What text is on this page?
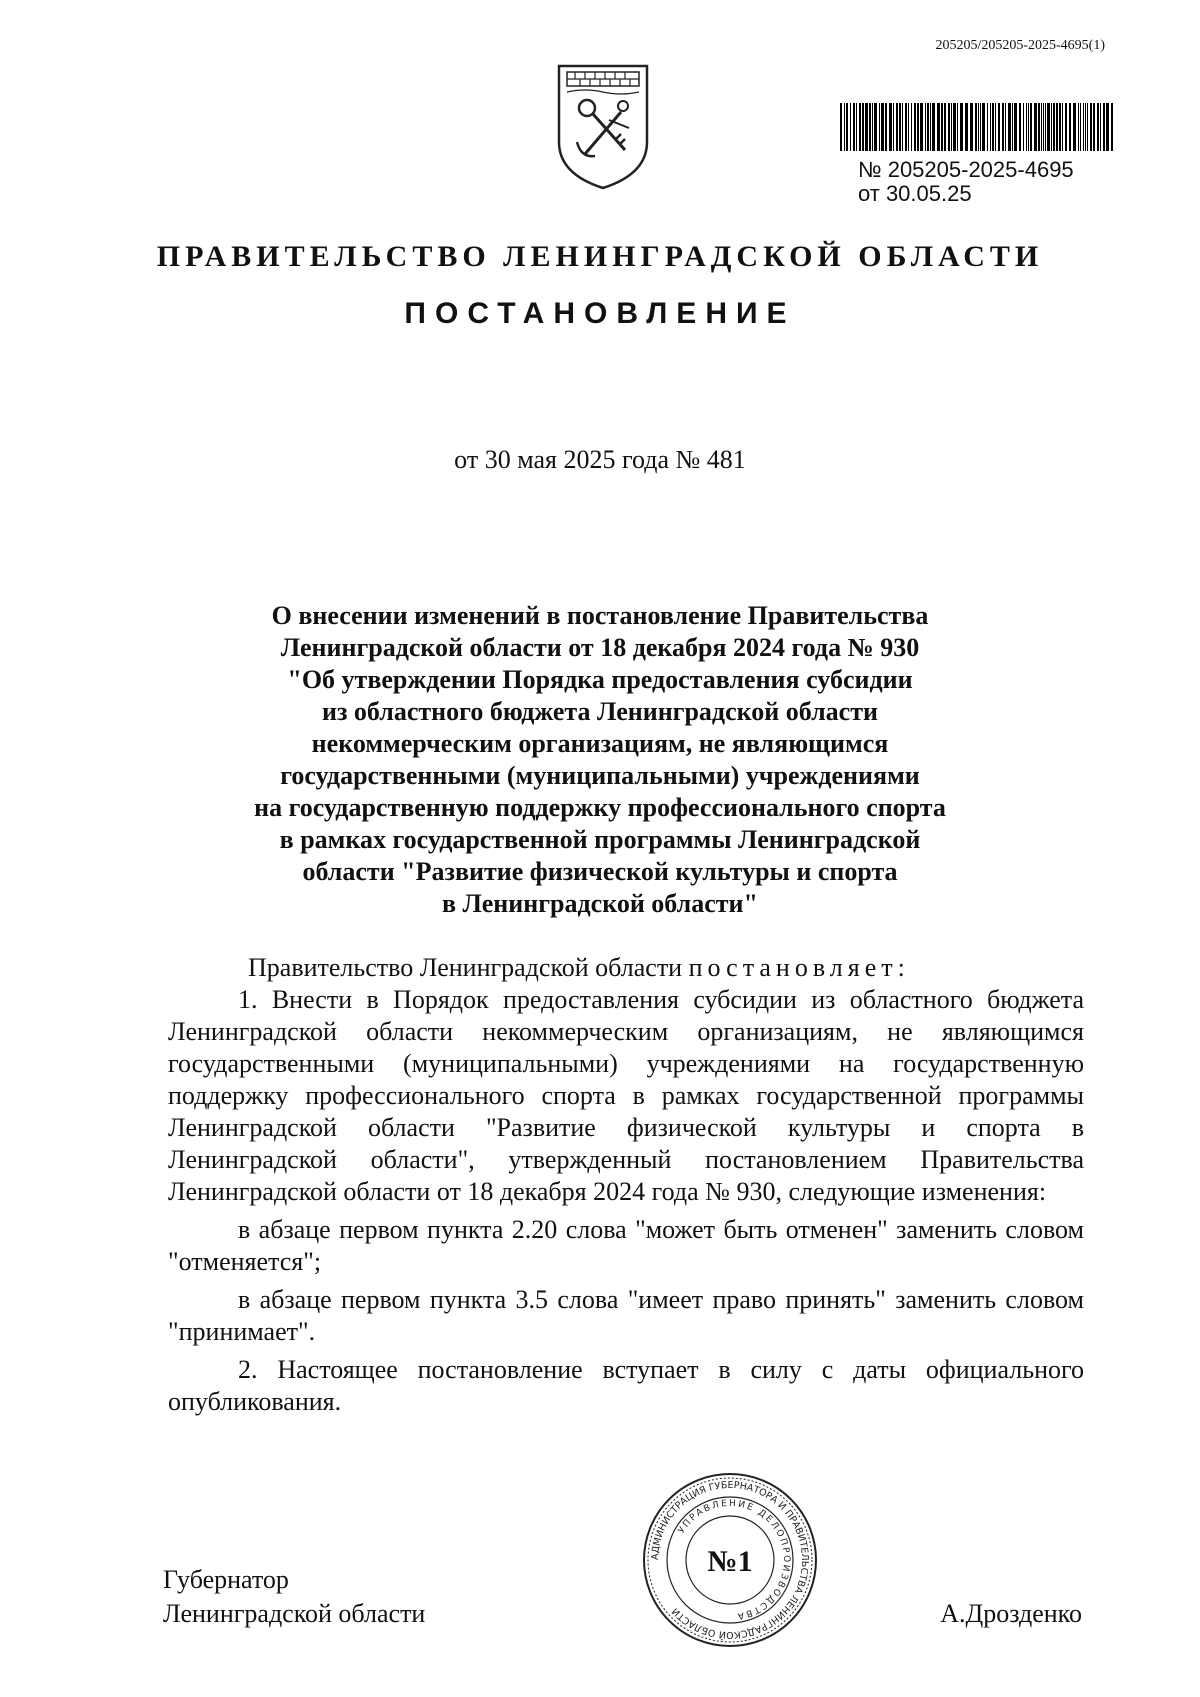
205205/205205-2025-4695(1)
№ 205205-2025-4695
от 30.05.25
ПРАВИТЕЛЬСТВО ЛЕНИНГРАДСКОЙ ОБЛАСТИ
ПОСТАНОВЛЕНИЕ
от 30 мая 2025 года № 481
О внесении изменений в постановление Правительства
Ленинградской области от 18 декабря 2024 года № 930
"Об утверждении Порядка предоставления субсидии
из областного бюджета Ленинградской области
некоммерческим организациям, не являющимся
государственными (муниципальными) учреждениями
на государственную поддержку профессионального спорта
в рамках государственной программы Ленинградской
области "Развитие физической культуры и спорта
в Ленинградской области"
Правительство Ленинградской области постановляет:
1. Внести в Порядок предоставления субсидии из областного бюджета Ленинградской области некоммерческим организациям, не являющимся государственными (муниципальными) учреждениями на государственную поддержку профессионального спорта в рамках государственной программы Ленинградской области "Развитие физической культуры и спорта в Ленинградской области", утвержденный постановлением Правительства Ленинградской области от 18 декабря 2024 года № 930, следующие изменения:
в абзаце первом пункта 2.20 слова "может быть отменен" заменить словом "отменяется";
в абзаце первом пункта 3.5 слова "имеет право принять" заменить словом "принимает".
2. Настоящее постановление вступает в силу с даты официального опубликования.
Губернатор
Ленинградской области	А.Дрозденко
АДМИНИСТРАЦИЯ ГУБЕРНАТОРА И ПРАВИТЕЛЬСТВА ЛЕНИНГРАДСКОЙ ОБЛАСТИ
УПРАВЛЕНИЕ ДЕЛОПРОИЗВОДСТВА
№1
